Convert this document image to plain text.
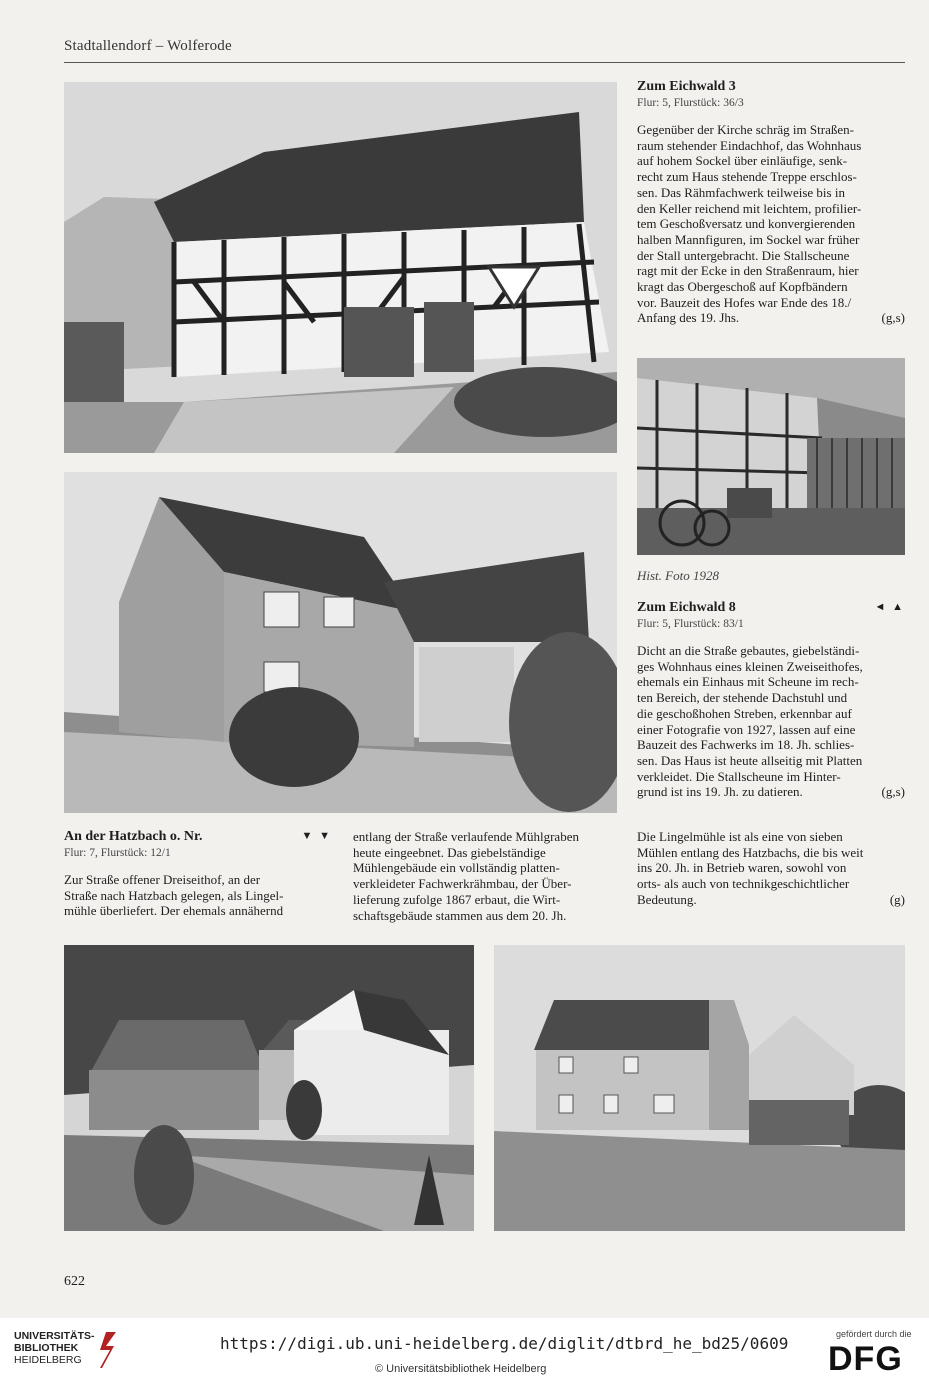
Stadtallendorf – Wolferode
Zum Eichwald 3
Flur: 5, Flurstück: 36/3
Gegenüber der Kirche schräg im Straßen-
raum stehender Eindachhof, das Wohnhaus
auf hohem Sockel über einläufige, senk-
recht zum Haus stehende Treppe erschlos-
sen. Das Rähmfachwerk teilweise bis in
den Keller reichend mit leichtem, profilier-
tem Geschoßversatz und konvergierenden
halben Mannfiguren, im Sockel war früher
der Stall untergebracht. Die Stallscheune
ragt mit der Ecke in den Straßenraum, hier
kragt das Obergeschoß auf Kopfbändern
vor. Bauzeit des Hofes war Ende des 18./
Anfang des 19. Jhs.	(g,s)
Hist. Foto 1928
Zum Eichwald 8	◄ ▲
Flur: 5, Flurstück: 83/1
Dicht an die Straße gebautes, giebelständi-
ges Wohnhaus eines kleinen Zweiseithofes,
ehemals ein Einhaus mit Scheune im rech-
ten Bereich, der stehende Dachstuhl und
die geschoßhohen Streben, erkennbar auf
einer Fotografie von 1927, lassen auf eine
Bauzeit des Fachwerks im 18. Jh. schlies-
sen. Das Haus ist heute allseitig mit Platten
verkleidet. Die Stallscheune im Hinter-
grund ist ins 19. Jh. zu datieren.	(g,s)
An der Hatzbach o. Nr.	▼ ▼
Flur: 7, Flurstück: 12/1
Zur Straße offener Dreiseithof, an der
Straße nach Hatzbach gelegen, als Lingel-
mühle überliefert. Der ehemals annähernd
entlang der Straße verlaufende Mühlgraben
heute eingeebnet. Das giebelständige
Mühlengebäude ein vollständig platten-
verkleideter Fachwerkrähmbau, der Über-
lieferung zufolge 1867 erbaut, die Wirt-
schaftsgebäude stammen aus dem 20. Jh.
Die Lingelmühle ist als eine von sieben
Mühlen entlang des Hatzbachs, die bis weit
ins 20. Jh. in Betrieb waren, sowohl von
orts- als auch von technikgeschichtlicher
Bedeutung.	(g)
622
UNIVERSITÄTS-
BIBLIOTHEK
HEIDELBERG
https://digi.ub.uni-heidelberg.de/diglit/dtbrd_he_bd25/0609
© Universitätsbibliothek Heidelberg
gefördert durch die
DFG
